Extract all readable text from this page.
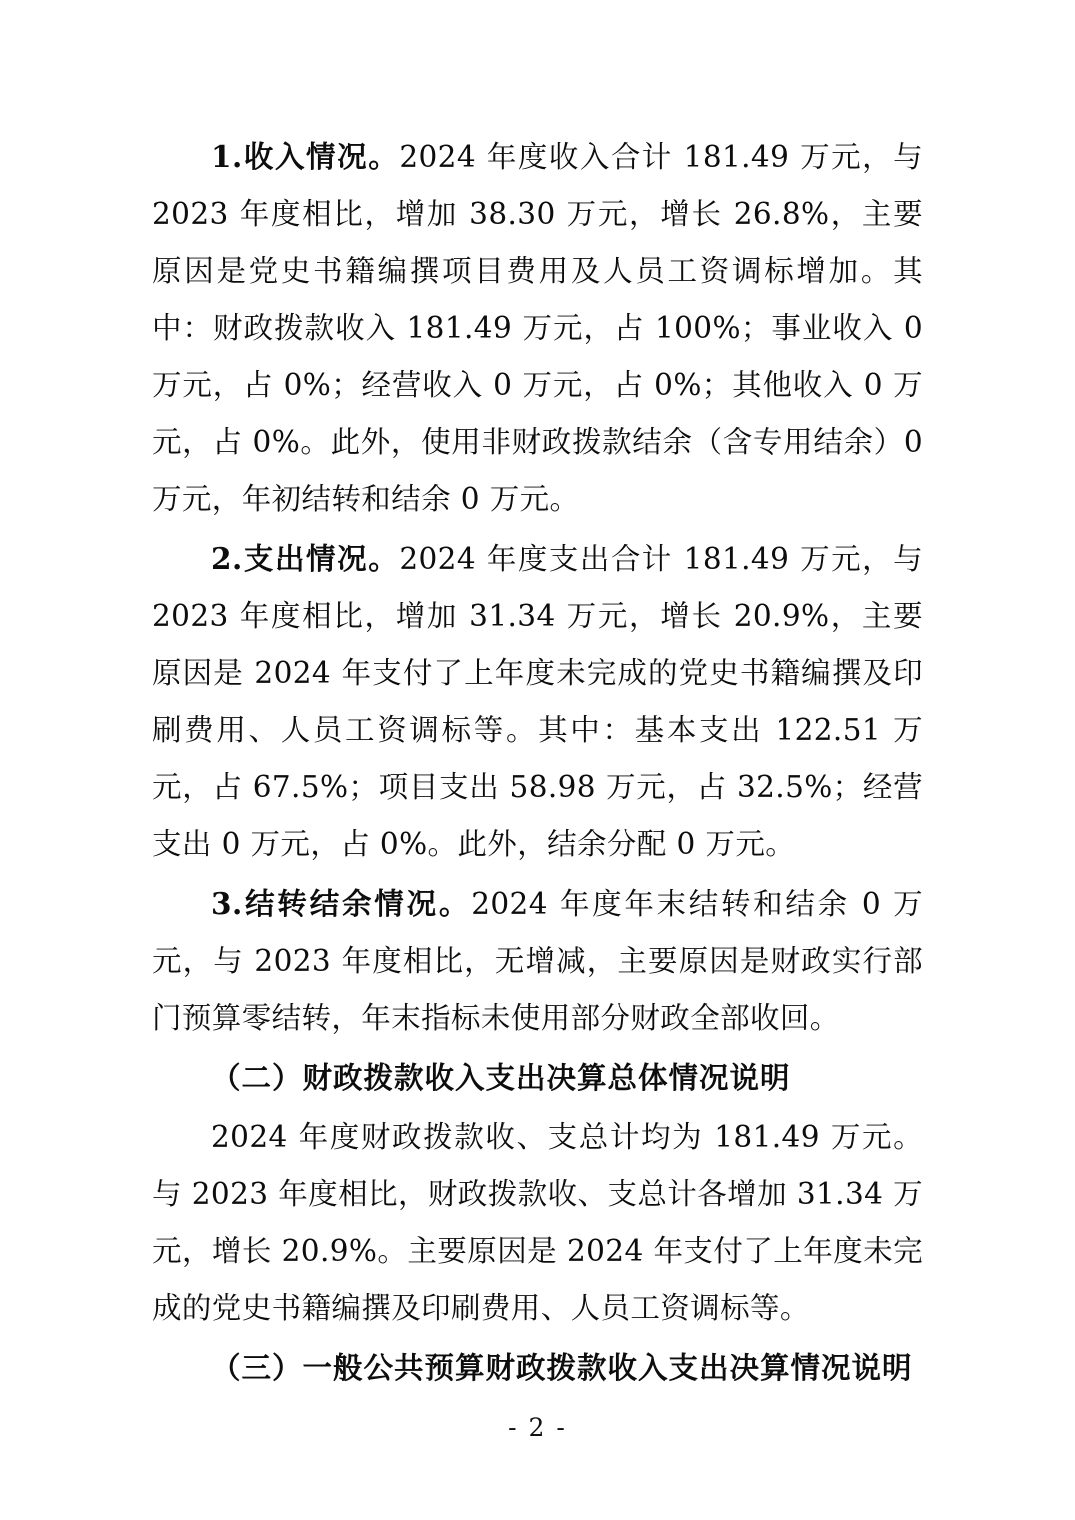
1.收入情况。2024 年度收入合计 181.49 万元，与 2023 年度相比，增加 38.30 万元，增长 26.8%，主要原因是党史书籍编撰项目费用及人员工资调标增加。其中：财政拨款收入 181.49 万元，占 100%；事业收入 0 万元，占 0%；经营收入 0 万元，占 0%；其他收入 0 万元，占 0%。此外，使用非财政拨款结余（含专用结余）0 万元，年初结转和结余 0 万元。

2.支出情况。2024 年度支出合计 181.49 万元，与 2023 年度相比，增加 31.34 万元，增长 20.9%，主要原因是 2024 年支付了上年度未完成的党史书籍编撰及印刷费用、人员工资调标等。其中：基本支出 122.51 万元，占 67.5%；项目支出 58.98 万元，占 32.5%；经营支出 0 万元，占 0%。此外，结余分配 0 万元。

3.结转结余情况。2024 年度年末结转和结余 0 万元，与 2023 年度相比，无增减，主要原因是财政实行部门预算零结转，年末指标未使用部分财政全部收回。

（二）财政拨款收入支出决算总体情况说明

2024 年度财政拨款收、支总计均为 181.49 万元。与 2023 年度相比，财政拨款收、支总计各增加 31.34 万元，增长 20.9%。主要原因是 2024 年支付了上年度未完成的党史书籍编撰及印刷费用、人员工资调标等。

（三）一般公共预算财政拨款收入支出决算情况说明

- 2 -
